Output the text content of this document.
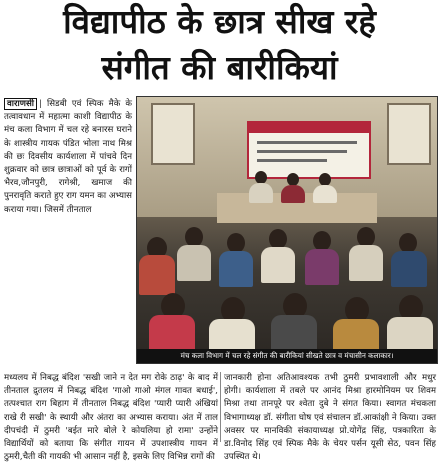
विद्यापीठ के छात्र सीख रहे
संगीत की बारीकियां
वाराणसी | सिडबी एवं स्पिक मैके के तत्वावधान में महात्मा काशी विद्यापीठ के मंच कला विभाग में चल रहे बनारस घराने के शास्त्रीय गायक पंडित भोला नाथ मिश्र की छः दिवसीय कार्यशाला में पांचवे दिन शुक्रवार को छात्र छात्राओं को पूर्व के रागों भैरव,जौनपुरी, रागेश्री, खमाज की पुनरावृति कराते हुए राग यमन का अभ्यास कराया गया। जिसमें तीनताल
मंच कला विभाग में चल रहे संगीत की बारीकियां सीखते छात्र व मंचासीन कलाकार।
मध्यलय में निबद्ध बंदिश 'सखी जाने न देत मग रोके ठाढ़' के बाद में तीनताल द्रुतलय में निबद्ध बंदिश 'गाओ गाओ मंगल गावत बधाई', तत्पश्चात राग बिहाग में तीनताल निबद्ध बंदिश 'प्यारी प्यारी अंखियां राखे री सखी' के स्थायी और अंतरा का अभ्यास कराया। अंत में ताल दीपचंदी में ठुमरी 'बईत मारे बोले रे कोयलिया हो रामा' उन्होंने विद्यार्थियों को बताया कि संगीत गायन में उपशास्त्रीय गायन में ठुमरी,चैती की गायकी भी आसान नहीं है, इसके लिए विभिन्न रागों की
जानकारी होना अतिआवश्यक तभी ठुमरी प्रभावशाली और मधुर होगी। कार्यशाला में तबले पर आनंद मिश्रा हारमोनियम पर शिवम मिश्रा तथा तानपूरे पर श्वेता दुबे ने संगत किया। स्वागत मंचकला विभागाध्यक्ष डॉ. संगीता घोष एवं संचालन डॉ.आकांक्षी ने किया। उक्त अवसर पर मानविकी संकायाध्यक्ष प्रो.योगेंद्र सिंह, पत्रकारिता के डा.विनोद सिंह एवं स्पिक मैके के चेयर पर्सन यूसी सेठ, पवन सिंह उपस्थित थे।
